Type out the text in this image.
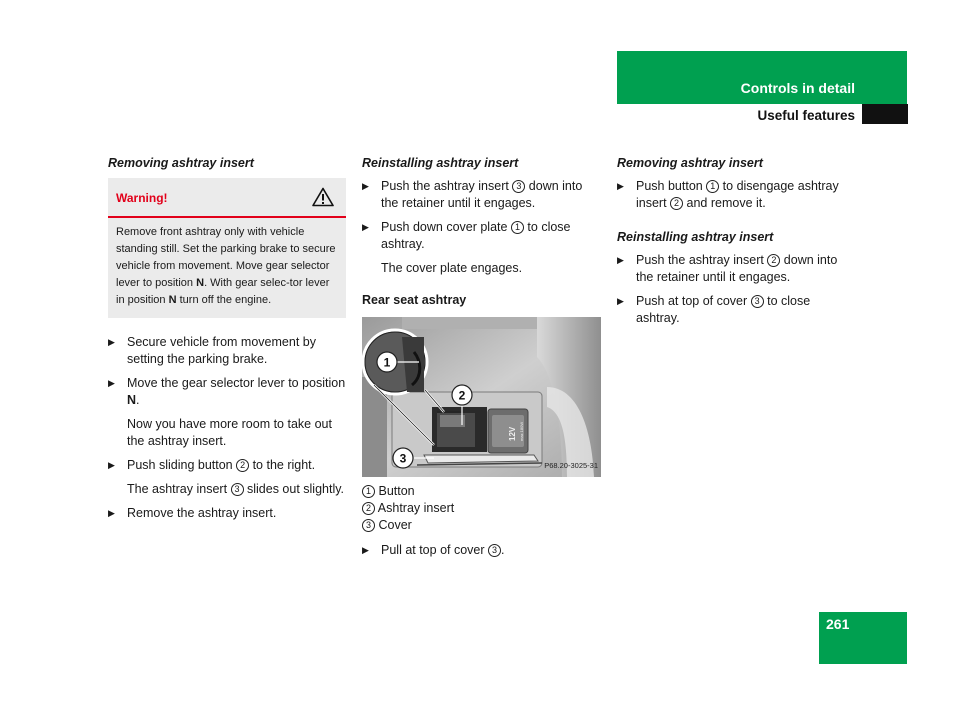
Controls in detail
Useful features
Removing ashtray insert
Warning!
Remove front ashtray only with vehicle standing still. Set the parking brake to secure vehicle from movement. Move gear selector lever to position N. With gear selec-tor lever in position N turn off the engine.
▶ Secure vehicle from movement by setting the parking brake.
▶ Move the gear selector lever to position N.
Now you have more room to take out the ashtray insert.
▶ Push sliding button 2 to the right.
The ashtray insert 3 slides out slightly.
▶ Remove the ashtray insert.
Reinstalling ashtray insert
▶ Push the ashtray insert 3 down into the retainer until it engages.
▶ Push down cover plate 1 to close ashtray.
The cover plate engages.
Rear seat ashtray
12V max 180W
1
2
3	P68.20-3025-31
1 Button
2 Ashtray insert
3 Cover
▶ Pull at top of cover 3 .
Removing ashtray insert
▶ Push button 1 to disengage ashtray insert 2 and remove it.
Reinstalling ashtray insert
▶ Push the ashtray insert 2 down into the retainer until it engages.
▶ Push at top of cover 3 to close ashtray.
261
